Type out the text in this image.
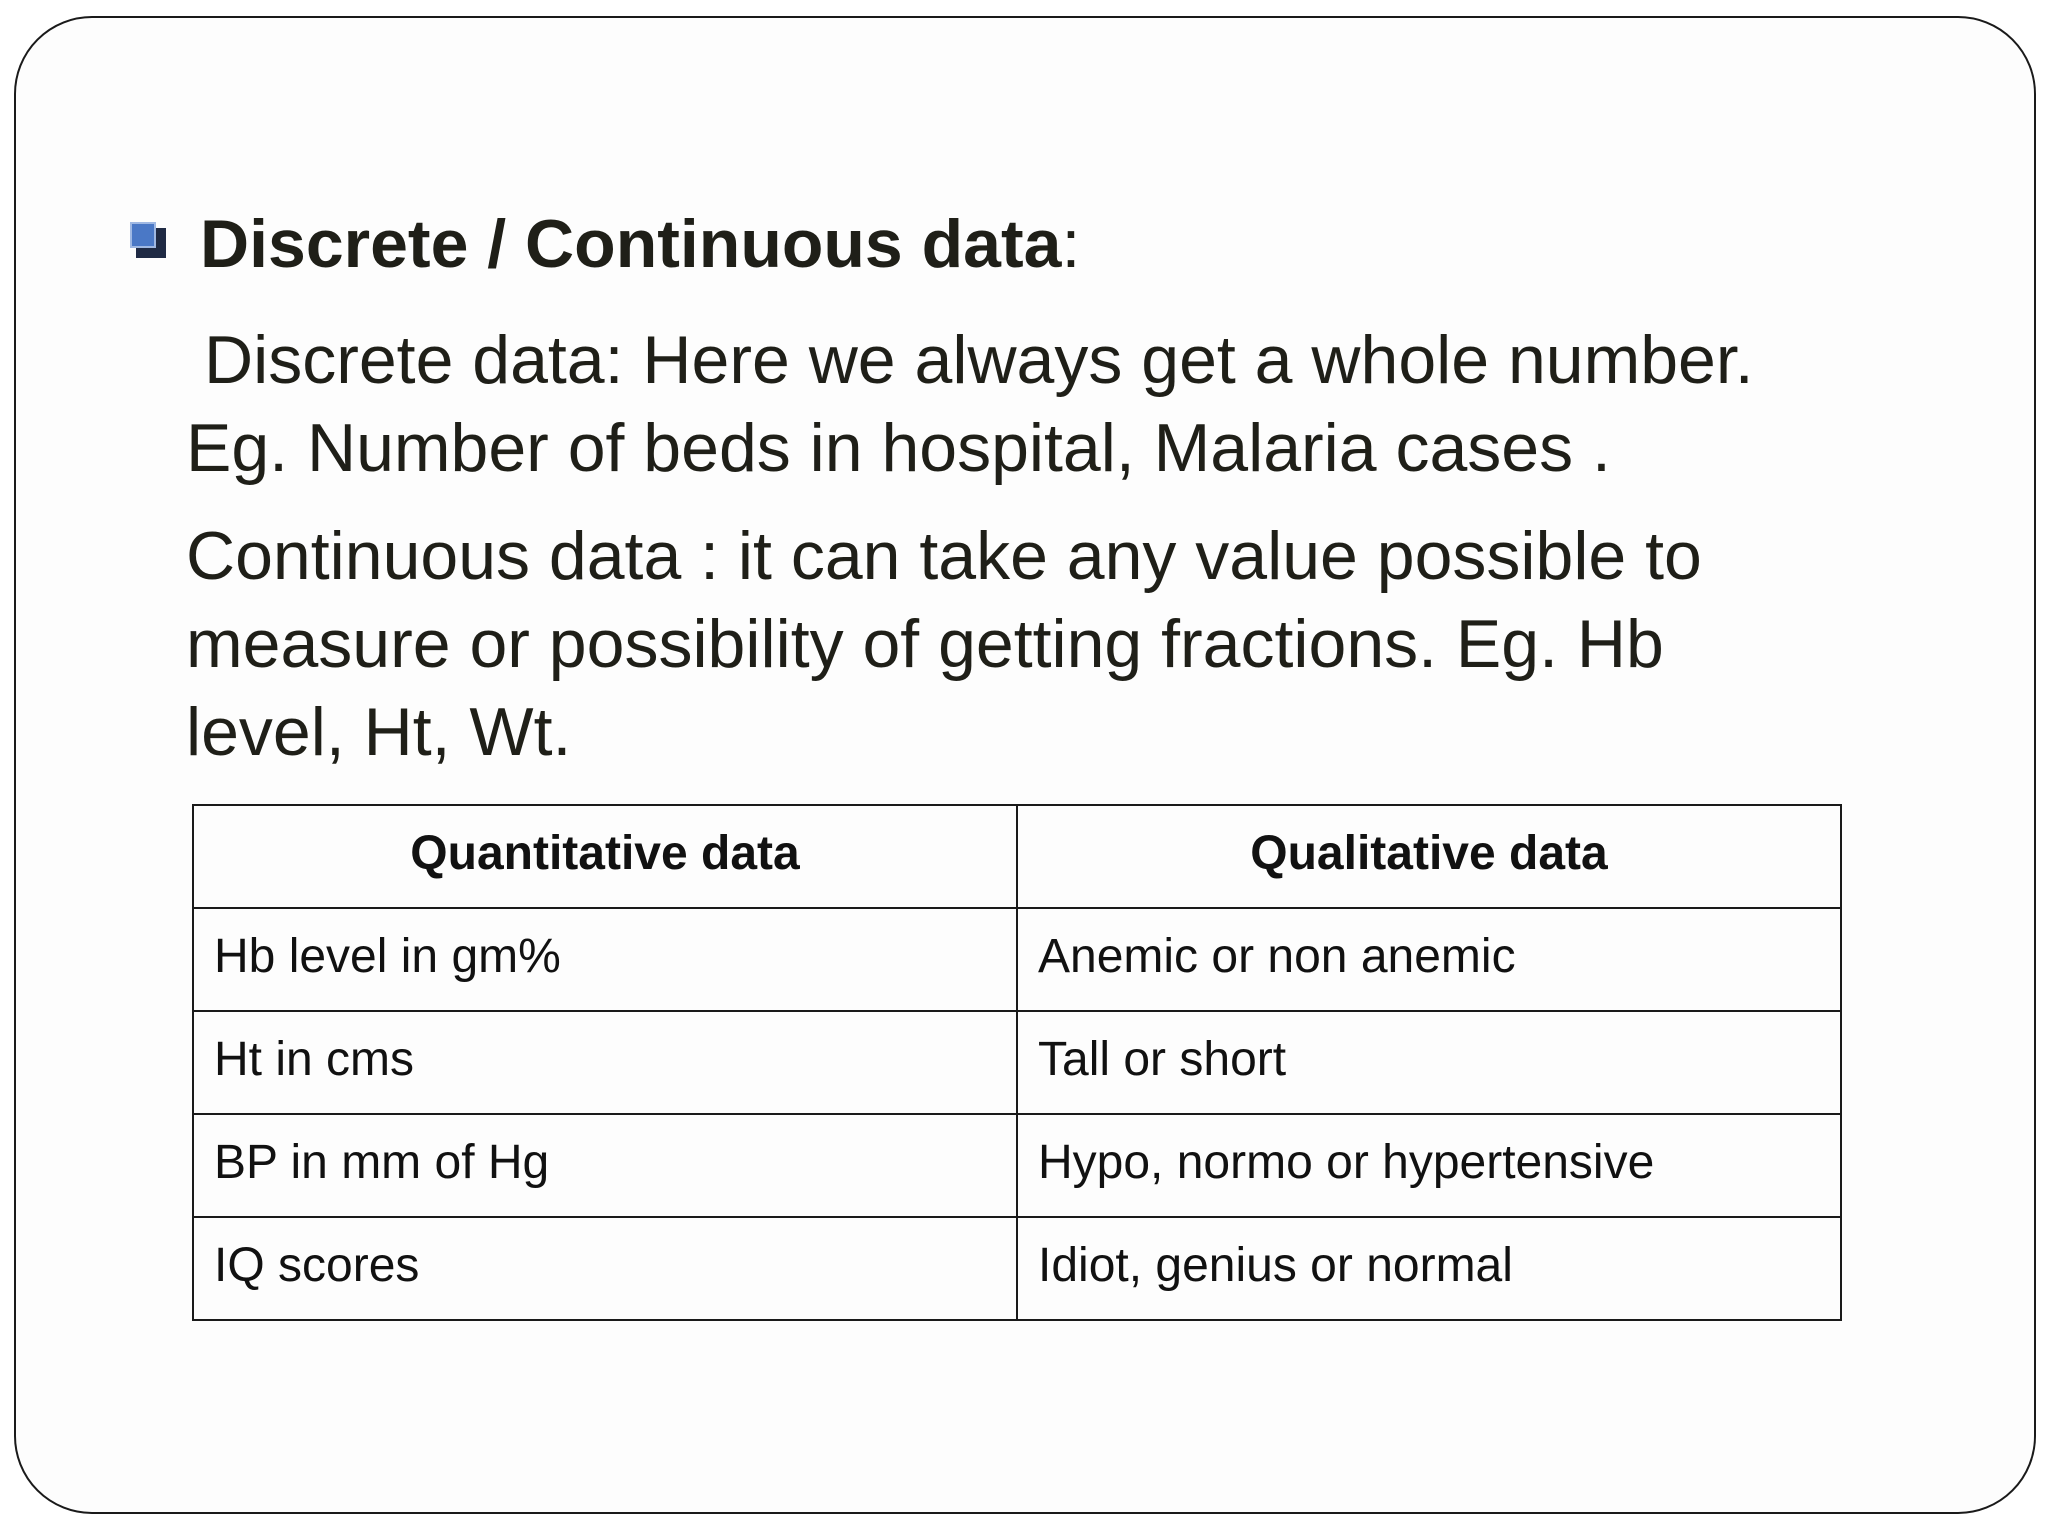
Discrete / Continuous data:
Discrete data: Here we always get a whole number.
Eg. Number of beds in hospital, Malaria cases .
Continuous data : it can take any value possible to
measure or possibility of getting fractions. Eg. Hb
level, Ht, Wt.
Quantitative data	Qualitative data
Hb level in gm%	Anemic or non anemic
Ht in cms	Tall or short
BP in mm of Hg	Hypo, normo or hypertensive
IQ scores	Idiot, genius or normal
